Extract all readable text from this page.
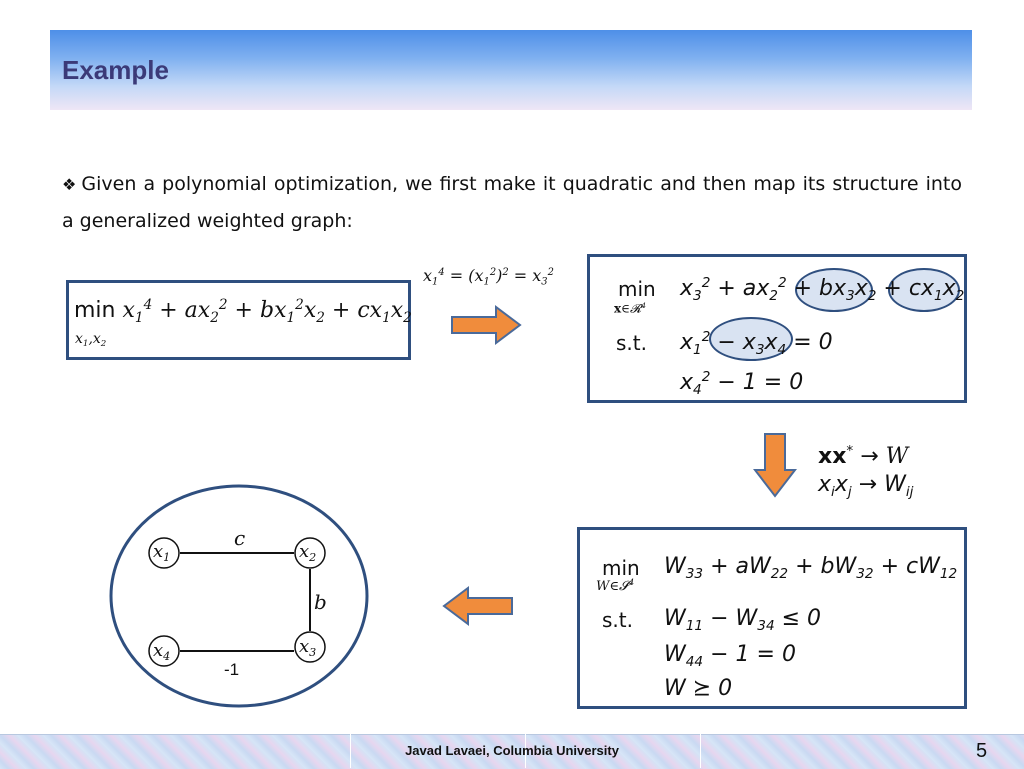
Example
❖ Given a polynomial optimization, we first make it quadratic and then map its structure into a generalized weighted graph:
$\min x_1^4 + ax_2^2 + bx_1^2x_2 + cx_1x_2$
$x_1,x_2$
$x_1^4 = (x_1^2)^2 = x_3^2$
min
x∈𝓡$^4$
$x_3^2 + ax_2^2 + bx_3x_2 + cx_1x_2$
s.t. $x_1^2 - x_3x_4 = 0$
$x_4^2 - 1 = 0$
xx* → W
$x_ix_j \to W_{ij}$
min
W∈𝓢$^4$
$W_{33} + aW_{22} + bW_{32} + cW_{12}$
s.t. $W_{11} - W_{34} \le 0$
$W_{44} - 1 = 0$
W ⪰ 0
$x_1$	$x_2$
$x_3$
$x_4$
c
b
-1
Javad Lavaei, Columbia University	5
